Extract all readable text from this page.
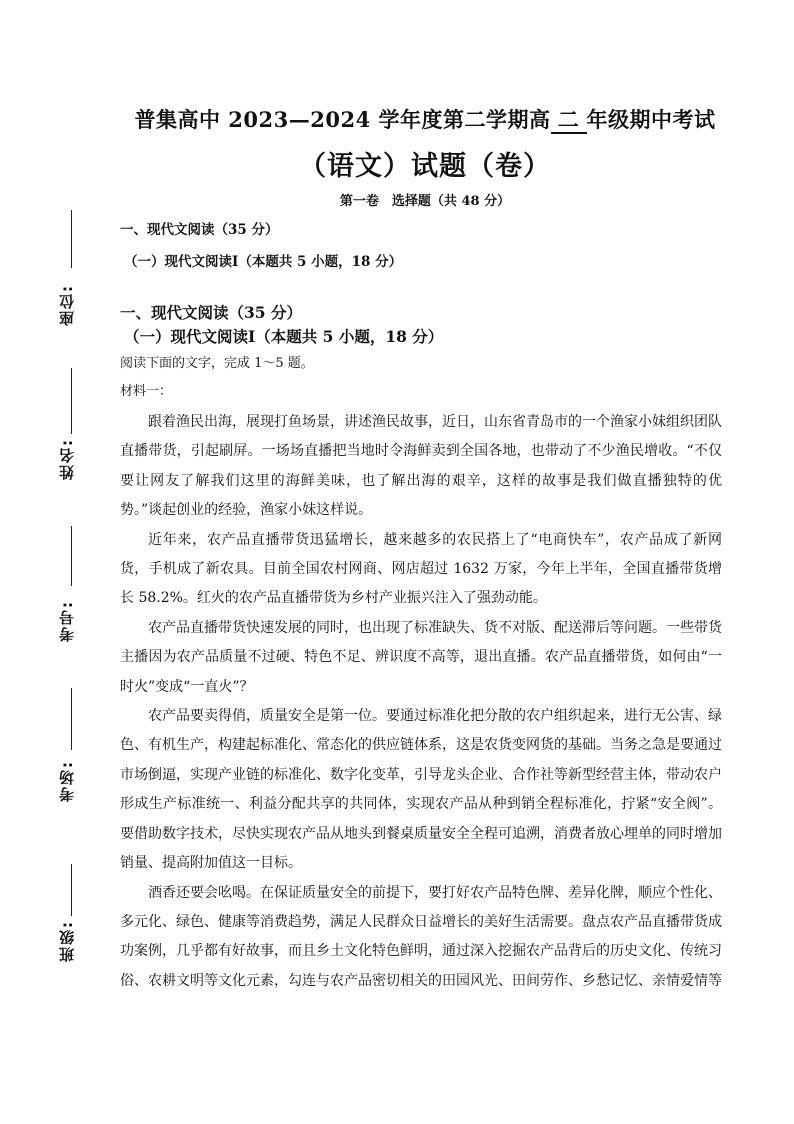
座位:
姓名:
考号:
考场:
班级:
普集高中 2023—2024 学年度第二学期高 二 年级期中考试
（语文）试题（卷）
第一卷　选择题（共 48 分）
一、现代文阅读（35 分）
（一）现代文阅读Ⅰ（本题共 5 小题，18 分）
一、现代文阅读（35 分）
（一）现代文阅读Ⅰ（本题共 5 小题，18 分）
阅读下面的文字，完成 1～5 题。
材料一：

跟着渔民出海，展现打鱼场景，讲述渔民故事，近日，山东省青岛市的一个渔家小妹组织团队直播带货，引起刷屏。一场场直播把当地时令海鲜卖到全国各地，也带动了不少渔民增收。“不仅要让网友了解我们这里的海鲜美味，也了解出海的艰辛，这样的故事是我们做直播独特的优势。”谈起创业的经验，渔家小妹这样说。

近年来，农产品直播带货迅猛增长，越来越多的农民搭上了“电商快车”，农产品成了新网货，手机成了新农具。目前全国农村网商、网店超过 1632 万家，今年上半年，全国直播带货增长 58.2%。红火的农产品直播带货为乡村产业振兴注入了强劲动能。

农产品直播带货快速发展的同时，也出现了标准缺失、货不对版、配送滞后等问题。一些带货主播因为农产品质量不过硬、特色不足、辨识度不高等，退出直播。农产品直播带货，如何由“一时火”变成“一直火”？

农产品要卖得俏，质量安全是第一位。要通过标准化把分散的农户组织起来，进行无公害、绿色、有机生产，构建起标准化、常态化的供应链体系，这是农货变网货的基础。当务之急是要通过市场倒逼，实现产业链的标准化、数字化变革，引导龙头企业、合作社等新型经营主体，带动农户形成生产标准统一、利益分配共享的共同体，实现农产品从种到销全程标准化，拧紧“安全阀”。要借助数字技术，尽快实现农产品从地头到餐桌质量安全全程可追溯，消费者放心埋单的同时增加销量、提高附加值这一目标。

酒香还要会吆喝。在保证质量安全的前提下，要打好农产品特色牌、差异化牌，顺应个性化、多元化、绿色、健康等消费趋势，满足人民群众日益增长的美好生活需要。盘点农产品直播带货成功案例，几乎都有好故事，而且乡土文化特色鲜明，通过深入挖掘农产品背后的历史文化、传统习俗、农耕文明等文化元素，勾连与农产品密切相关的田园风光、田间劳作、乡愁记忆、亲情爱情等
